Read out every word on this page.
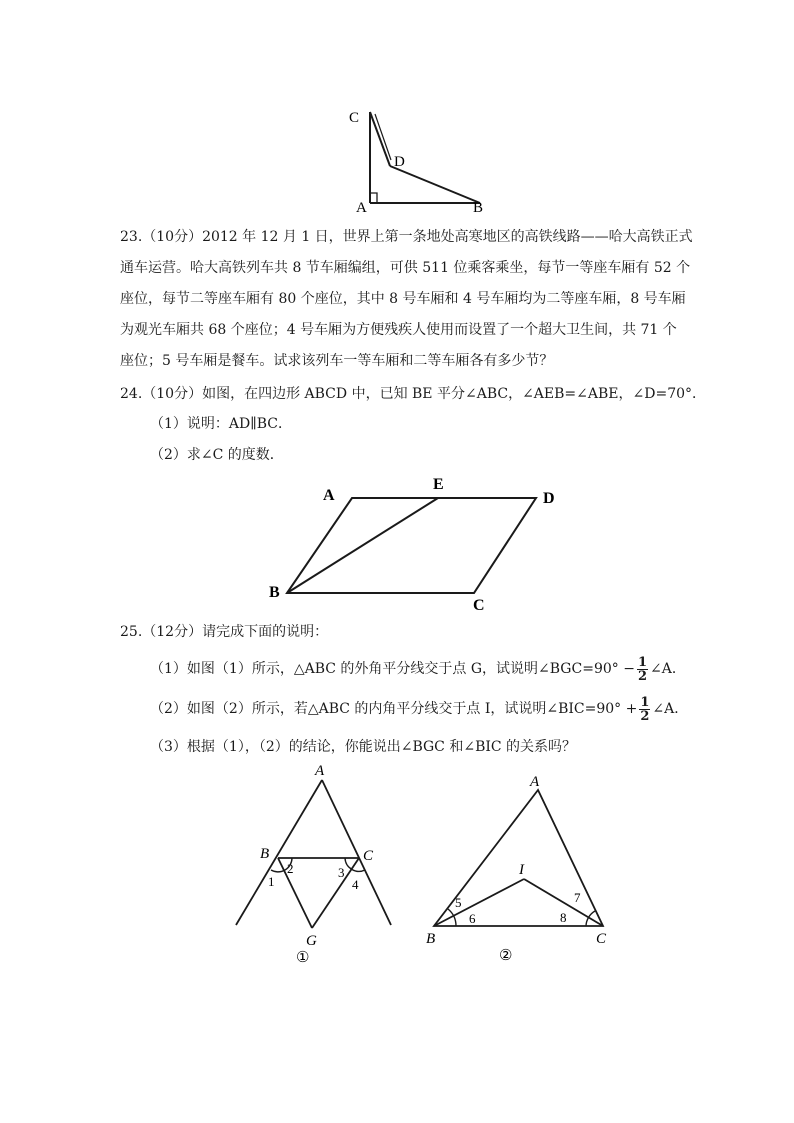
C
D
A	B
23.（10分）2012 年 12 月 1 日，世界上第一条地处高寒地区的高铁线路——哈大高铁正式
通车运营。哈大高铁列车共 8 节车厢编组，可供 511 位乘客乘坐，每节一等座车厢有 52 个
座位，每节二等座车厢有 80 个座位，其中 8 号车厢和 4 号车厢均为二等座车厢，8 号车厢
为观光车厢共 68 个座位；4 号车厢为方便残疾人使用而设置了一个超大卫生间，共 71 个
座位；5 号车厢是餐车。试求该列车一等车厢和二等车厢各有多少节？
24.（10分）如图，在四边形 ABCD 中，已知 BE 平分∠ABC，∠AEB=∠ABE，∠D=70°．
（1）说明：AD∥BC．
（2）求∠C 的度数．
A
E
D
B
C
25.（12分）请完成下面的说明：
（1）如图（1）所示，△ABC 的外角平分线交于点 G，试说明∠BGC=90° − $\frac{1}{2}$ ∠A．
（2）如图（2）所示，若△ABC 的内角平分线交于点 I，试说明∠BIC=90° + $\frac{1}{2}$ ∠A．
（3）根据（1），（2）的结论，你能说出∠BGC 和∠BIC 的关系吗？
A
B	C
G
1
2	3
4
①
A
B	C
I
5
6
7
8
②
